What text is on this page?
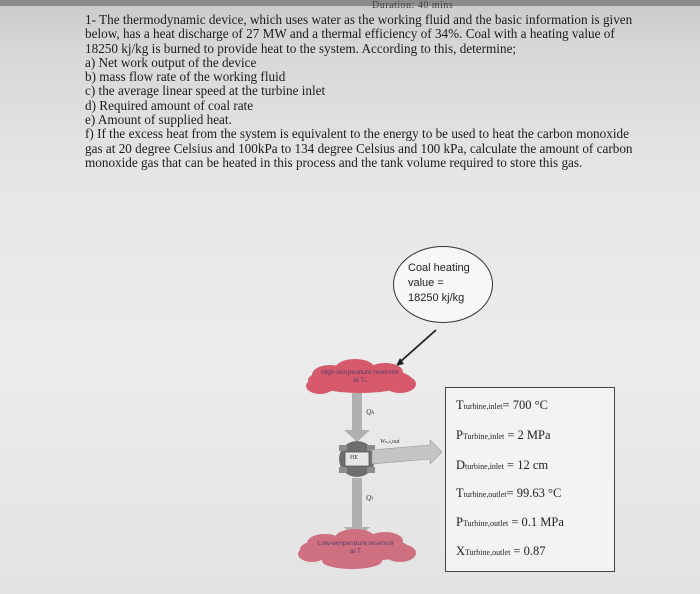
Duration: 40 mins

1- The thermodynamic device, which uses water as the working fluid and the basic information is given below, has a heat discharge of 27 MW and a thermal efficiency of 34%. Coal with a heating value of 18250 kj/kg is burned to provide heat to the system. According to this, determine;

a) Net work output of the device

b) mass flow rate of the working fluid

c) the average linear speed at the turbine inlet

d) Required amount of coal rate

e) Amount of supplied heat.

f) If the excess heat from the system is equivalent to the energy to be used to heat the carbon monoxide gas at 20 degree Celsius and 100kPa to 134 degree Celsius and 100 kPa, calculate the amount of carbon monoxide gas that can be heated in this process and the tank volume required to store this gas.

High-temperature reservoir
at Tₕ
Low-temperature reservoir
at Tₗ
Qₕ
Qₗ
Wₙₑₜ,out
HE
Coal heating
value =
18250 kj/kg
Tturbine,inlet= 700 °C
PTurbine,inlet = 2 MPa
Dturbine,inlet = 12 cm
Tturbine,outlet= 99.63 °C
PTurbine,outlet = 0.1 MPa
XTurbine,outlet = 0.87
